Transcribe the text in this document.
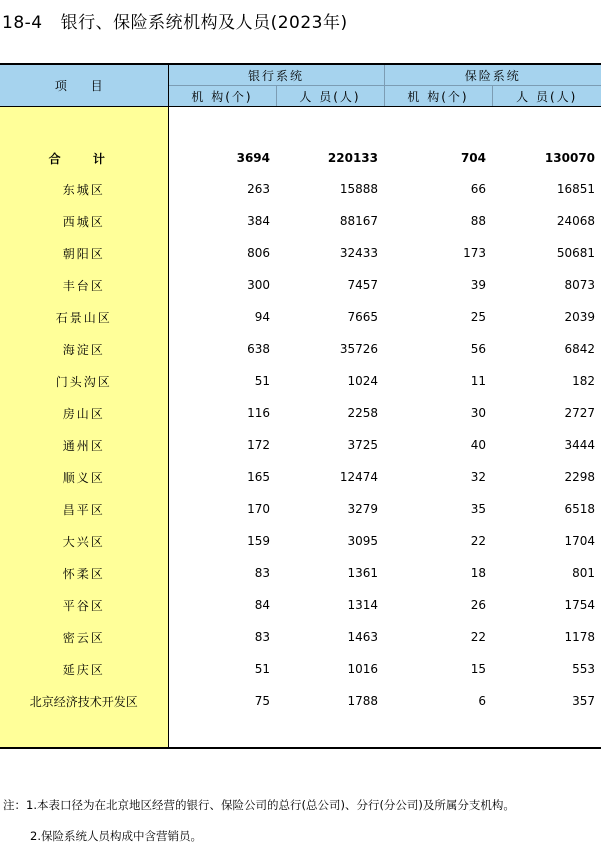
18-4 银行、保险系统机构及人员(2023年)
项 目	银行系统		保险系统	
	机 构(个)	人 员(人)	机 构(个)	人 员(人)

合 计	3694	220133	704	130070
东城区	263	15888	66	16851
西城区	384	88167	88	24068
朝阳区	806	32433	173	50681
丰台区	300	7457	39	8073
石景山区	94	7665	25	2039
海淀区	638	35726	56	6842
门头沟区	51	1024	11	182
房山区	116	2258	30	2727
通州区	172	3725	40	3444
顺义区	165	12474	32	2298
昌平区	170	3279	35	6518
大兴区	159	3095	22	1704
怀柔区	83	1361	18	801
平谷区	84	1314	26	1754
密云区	83	1463	22	1178
延庆区	51	1016	15	553
北京经济技术开发区	75	1788	6	357

注：1.本表口径为在北京地区经营的银行、保险公司的总行(总公司)、分行(分公司)及所属分支机构。
2.保险系统人员构成中含营销员。
